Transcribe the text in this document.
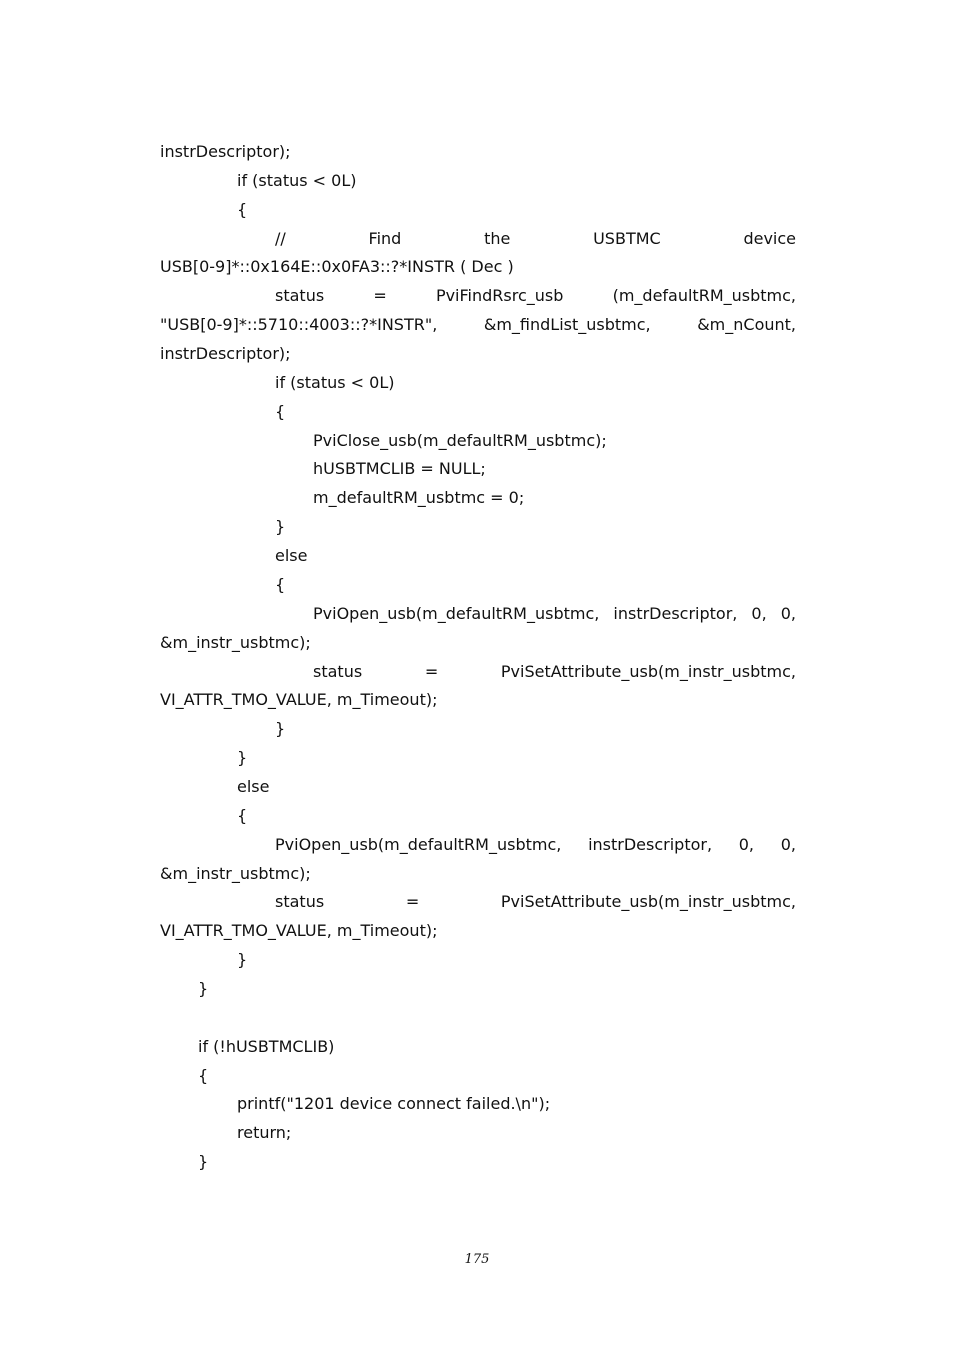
instrDescriptor);
if (status < 0L)
{
// Find the USBTMC device
USB[0-9]*::0x164E::0x0FA3::?*INSTR ( Dec )
status = PviFindRsrc_usb (m_defaultRM_usbtmc,
"USB[0-9]*::5710::4003::?*INSTR", &m_findList_usbtmc, &m_nCount,
instrDescriptor);
if (status < 0L)
{
PviClose_usb(m_defaultRM_usbtmc);
hUSBTMCLIB = NULL;
m_defaultRM_usbtmc = 0;
}
else
{
PviOpen_usb(m_defaultRM_usbtmc, instrDescriptor, 0, 0,
&m_instr_usbtmc);
status = PviSetAttribute_usb(m_instr_usbtmc,
VI_ATTR_TMO_VALUE, m_Timeout);
}
}
else
{
PviOpen_usb(m_defaultRM_usbtmc, instrDescriptor, 0, 0,
&m_instr_usbtmc);
status = PviSetAttribute_usb(m_instr_usbtmc,
VI_ATTR_TMO_VALUE, m_Timeout);
}
}
if (!hUSBTMCLIB)
{
printf("1201 device connect failed.\n");
return;
}
175
